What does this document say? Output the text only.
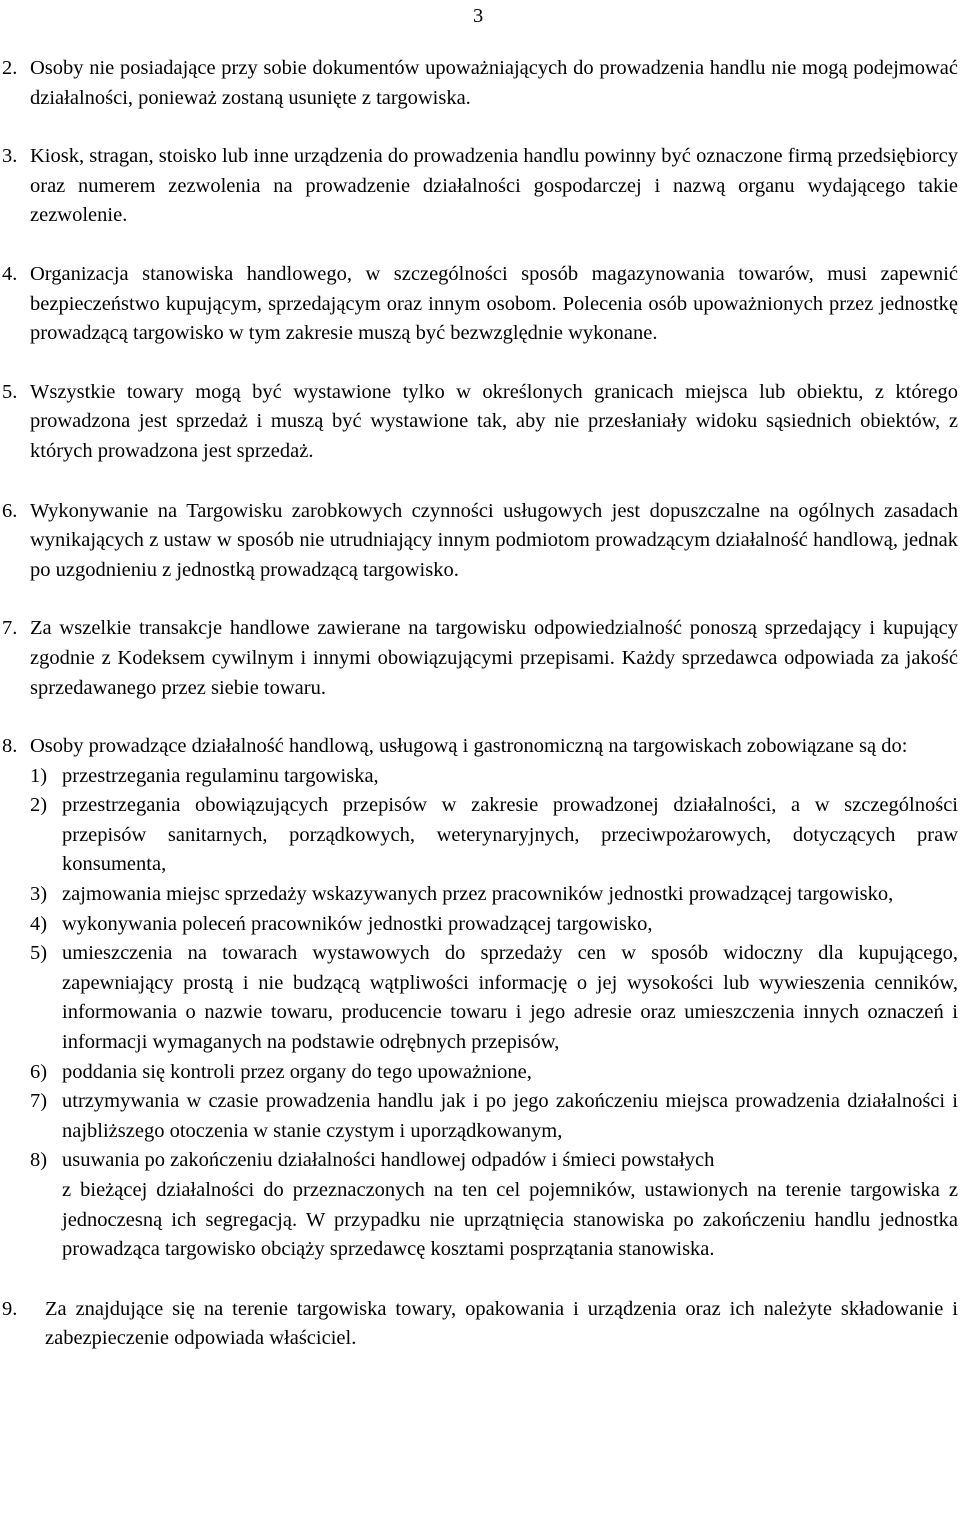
3
2. Osoby nie posiadające przy sobie dokumentów upoważniających do prowadzenia handlu nie mogą podejmować działalności, ponieważ zostaną usunięte z targowiska.
3. Kiosk, stragan, stoisko lub inne urządzenia do prowadzenia handlu powinny być oznaczone firmą przedsiębiorcy oraz numerem zezwolenia na prowadzenie działalności gospodarczej i nazwą organu wydającego takie zezwolenie.
4. Organizacja stanowiska handlowego, w szczególności sposób magazynowania towarów, musi zapewnić bezpieczeństwo kupującym, sprzedającym oraz innym osobom. Polecenia osób upoważnionych przez jednostkę prowadzącą targowisko w tym zakresie muszą być bezwzględnie wykonane.
5. Wszystkie towary mogą być wystawione tylko w określonych granicach miejsca lub obiektu, z którego prowadzona jest sprzedaż i muszą być wystawione tak, aby nie przesłaniały widoku sąsiednich obiektów, z których prowadzona jest sprzedaż.
6. Wykonywanie na Targowisku zarobkowych czynności usługowych jest dopuszczalne na ogólnych zasadach wynikających z ustaw w sposób nie utrudniający innym podmiotom prowadzącym działalność handlową, jednak po uzgodnieniu z jednostką prowadzącą targowisko.
7. Za wszelkie transakcje handlowe zawierane na targowisku odpowiedzialność ponoszą sprzedający i kupujący zgodnie z Kodeksem cywilnym i innymi obowiązującymi przepisami. Każdy sprzedawca odpowiada za jakość sprzedawanego przez siebie towaru.
8. Osoby prowadzące działalność handlową, usługową i gastronomiczną na targowiskach zobowiązane są do:
1) przestrzegania regulaminu targowiska,
2) przestrzegania obowiązujących przepisów w zakresie prowadzonej działalności, a w szczególności przepisów sanitarnych, porządkowych, weterynaryjnych, przeciwpożarowych, dotyczących praw konsumenta,
3) zajmowania miejsc sprzedaży wskazywanych przez pracowników jednostki prowadzącej targowisko,
4) wykonywania poleceń pracowników jednostki prowadzącej targowisko,
5) umieszczenia na towarach wystawowych do sprzedaży cen w sposób widoczny dla kupującego, zapewniający prostą i nie budzącą wątpliwości informację o jej wysokości lub wywieszenia cenników, informowania o nazwie towaru, producencie towaru i jego adresie oraz umieszczenia innych oznaczeń i informacji wymaganych na podstawie odrębnych przepisów,
6) poddania się kontroli przez organy do tego upoważnione,
7) utrzymywania w czasie prowadzenia handlu jak i po jego zakończeniu miejsca prowadzenia działalności i najbliższego otoczenia w stanie czystym i uporządkowanym,
8) usuwania po zakończeniu działalności handlowej odpadów i śmieci powstałych
z bieżącej działalności do przeznaczonych na ten cel pojemników, ustawionych na terenie targowiska z jednoczesną ich segregacją. W przypadku nie uprzątnięcia stanowiska po zakończeniu handlu jednostka prowadząca targowisko obciąży sprzedawcę kosztami posprzątania stanowiska.
9.	Za znajdujące się na terenie targowiska towary, opakowania i urządzenia oraz ich należyte składowanie i zabezpieczenie odpowiada właściciel.
